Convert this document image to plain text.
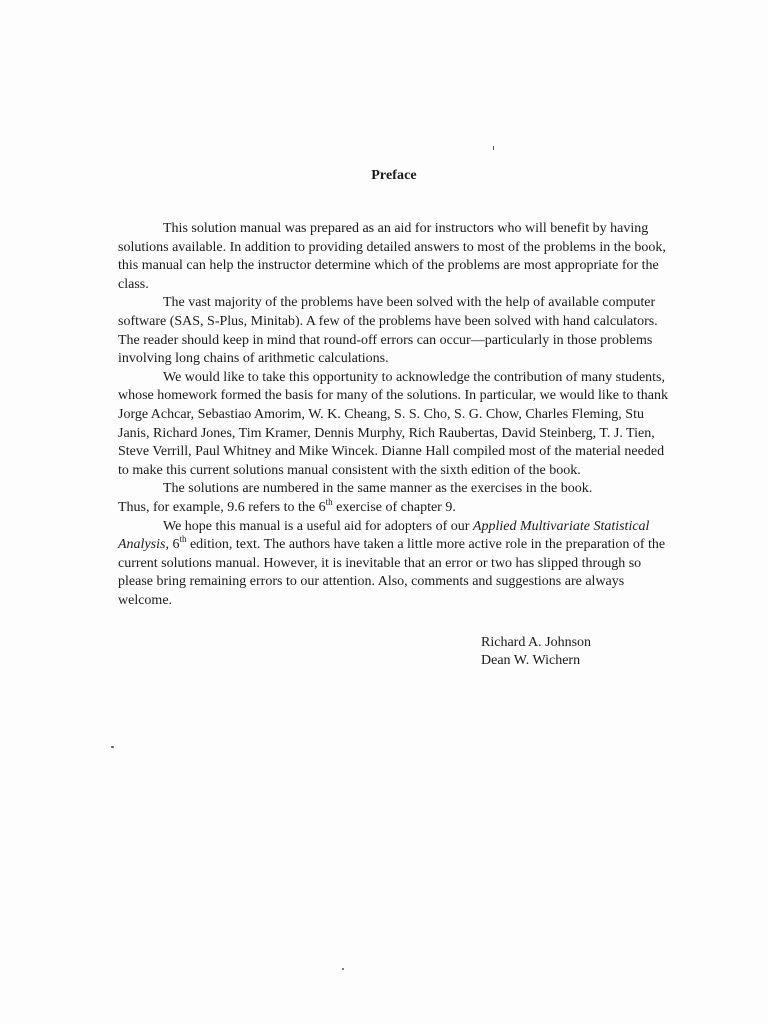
Preface

This solution manual was prepared as an aid for instructors who will benefit by having solutions available. In addition to providing detailed answers to most of the problems in the book, this manual can help the instructor determine which of the problems are most appropriate for the class.

The vast majority of the problems have been solved with the help of available computer software (SAS, S-Plus, Minitab). A few of the problems have been solved with hand calculators. The reader should keep in mind that round-off errors can occur—particularly in those problems involving long chains of arithmetic calculations.

We would like to take this opportunity to acknowledge the contribution of many students, whose homework formed the basis for many of the solutions. In particular, we would like to thank Jorge Achcar, Sebastiao Amorim, W. K. Cheang, S. S. Cho, S. G. Chow, Charles Fleming, Stu Janis, Richard Jones, Tim Kramer, Dennis Murphy, Rich Raubertas, David Steinberg, T. J. Tien, Steve Verrill, Paul Whitney and Mike Wincek. Dianne Hall compiled most of the material needed to make this current solutions manual consistent with the sixth edition of the book.

The solutions are numbered in the same manner as the exercises in the book.

Thus, for example, 9.6 refers to the 6th exercise of chapter 9.

We hope this manual is a useful aid for adopters of our Applied Multivariate Statistical Analysis, 6th edition, text. The authors have taken a little more active role in the preparation of the current solutions manual. However, it is inevitable that an error or two has slipped through so please bring remaining errors to our attention. Also, comments and suggestions are always welcome.

Richard A. Johnson
Dean W. Wichern
